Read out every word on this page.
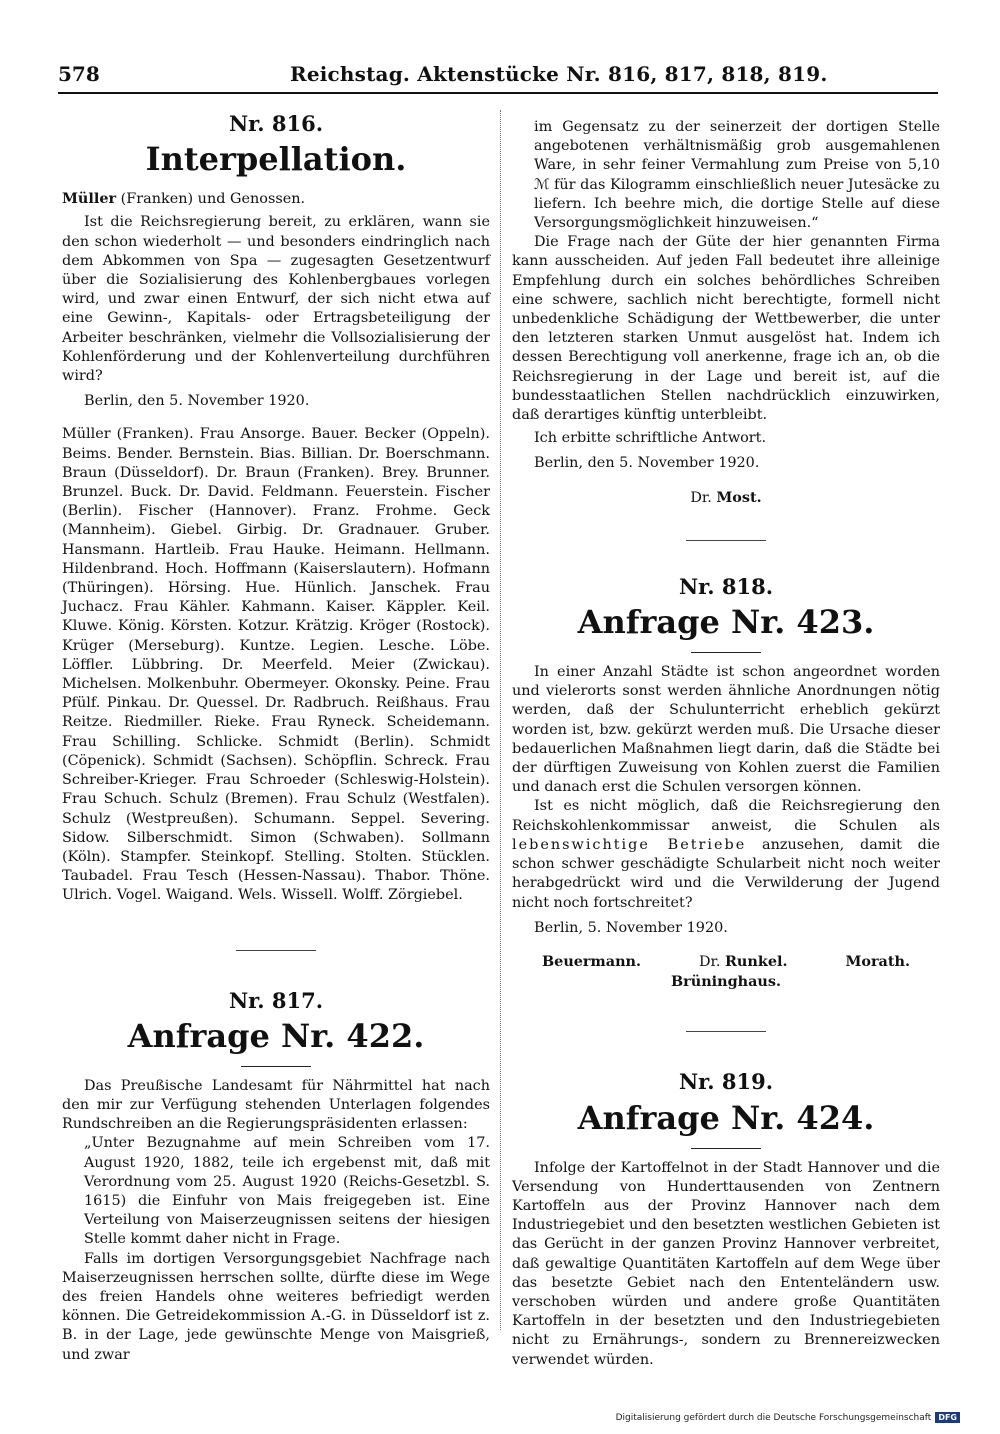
578	Reichstag. Aktenstücke Nr. 816, 817, 818, 819.
Nr. 816.
Interpellation.

Müller (Franken) und Genossen.

Ist die Reichsregierung bereit, zu erklären, wann sie den schon wiederholt — und besonders eindringlich nach dem Abkommen von Spa — zugesagten Gesetzentwurf über die Sozialisierung des Kohlenbergbaues vorlegen wird, und zwar einen Entwurf, der sich nicht etwa auf eine Gewinn-, Kapitals- oder Ertragsbeteiligung der Arbeiter beschränken, vielmehr die Vollsozialisierung der Kohlenförderung und der Kohlenverteilung durchführen wird?

Berlin, den 5. November 1920.

Müller (Franken). Frau Ansorge. Bauer. Becker (Oppeln). Beims. Bender. Bernstein. Bias. Billian. Dr. Boerschmann. Braun (Düsseldorf). Dr. Braun (Franken). Brey. Brunner. Brunzel. Buck. Dr. David. Feldmann. Feuerstein. Fischer (Berlin). Fischer (Hannover). Franz. Frohme. Geck (Mannheim). Giebel. Girbig. Dr. Gradnauer. Gruber. Hansmann. Hartleib. Frau Hauke. Heimann. Hellmann. Hildenbrand. Hoch. Hoffmann (Kaiserslautern). Hofmann (Thüringen). Hörsing. Hue. Hünlich. Janschek. Frau Juchacz. Frau Kähler. Kahmann. Kaiser. Käppler. Keil. Kluwe. König. Körsten. Kotzur. Krätzig. Kröger (Rostock). Krüger (Merseburg). Kuntze. Legien. Lesche. Löbe. Löffler. Lübbring. Dr. Meerfeld. Meier (Zwickau). Michelsen. Molkenbuhr. Obermeyer. Okonsky. Peine. Frau Pfülf. Pinkau. Dr. Quessel. Dr. Radbruch. Reißhaus. Frau Reitze. Riedmiller. Rieke. Frau Ryneck. Scheidemann. Frau Schilling. Schlicke. Schmidt (Berlin). Schmidt (Cöpenick). Schmidt (Sachsen). Schöpflin. Schreck. Frau Schreiber-Krieger. Frau Schroeder (Schleswig-Holstein). Frau Schuch. Schulz (Bremen). Frau Schulz (Westfalen). Schulz (Westpreußen). Schumann. Seppel. Severing. Sidow. Silberschmidt. Simon (Schwaben). Sollmann (Köln). Stampfer. Steinkopf. Stelling. Stolten. Stücklen. Taubadel. Frau Tesch (Hessen-Nassau). Thabor. Thöne. Ulrich. Vogel. Waigand. Wels. Wissell. Wolff. Zörgiebel.

Nr. 817.
Anfrage Nr. 422.

Das Preußische Landesamt für Nährmittel hat nach den mir zur Verfügung stehenden Unterlagen folgendes Rundschreiben an die Regierungspräsidenten erlassen:

„Unter Bezugnahme auf mein Schreiben vom 17. August 1920, 1882, teile ich ergebenst mit, daß mit Verordnung vom 25. August 1920 (Reichs-Gesetzbl. S. 1615) die Einfuhr von Mais freigegeben ist. Eine Verteilung von Maiserzeugnissen seitens der hiesigen Stelle kommt daher nicht in Frage.

Falls im dortigen Versorgungsgebiet Nachfrage nach Maiserzeugnissen herrschen sollte, dürfte diese im Wege des freien Handels ohne weiteres befriedigt werden können. Die Getreidekommission A.-G. in Düsseldorf ist z. B. in der Lage, jede gewünschte Menge von Maisgrieß, und zwar

im Gegensatz zu der seinerzeit der dortigen Stelle angebotenen verhältnismäßig grob ausgemahlenen Ware, in sehr feiner Vermahlung zum Preise von 5,10 ℳ für das Kilogramm einschließlich neuer Jutesäcke zu liefern. Ich beehre mich, die dortige Stelle auf diese Versorgungsmöglichkeit hinzuweisen.“

Die Frage nach der Güte der hier genannten Firma kann ausscheiden. Auf jeden Fall bedeutet ihre alleinige Empfehlung durch ein solches behördliches Schreiben eine schwere, sachlich nicht berechtigte, formell nicht unbedenkliche Schädigung der Wettbewerber, die unter den letzteren starken Unmut ausgelöst hat. Indem ich dessen Berechtigung voll anerkenne, frage ich an, ob die Reichsregierung in der Lage und bereit ist, auf die bundesstaatlichen Stellen nachdrücklich einzuwirken, daß derartiges künftig unterbleibt.

Ich erbitte schriftliche Antwort.

Berlin, den 5. November 1920.

Dr. Most.

Nr. 818.
Anfrage Nr. 423.

In einer Anzahl Städte ist schon angeordnet worden und vielerorts sonst werden ähnliche Anordnungen nötig werden, daß der Schulunterricht erheblich gekürzt worden ist, bzw. gekürzt werden muß. Die Ursache dieser bedauerlichen Maßnahmen liegt darin, daß die Städte bei der dürftigen Zuweisung von Kohlen zuerst die Familien und danach erst die Schulen versorgen können.

Ist es nicht möglich, daß die Reichsregierung den Reichskohlenkommissar anweist, die Schulen als lebenswichtige Betriebe anzusehen, damit die schon schwer geschädigte Schularbeit nicht noch weiter herabgedrückt wird und die Verwilderung der Jugend nicht noch fortschreitet?

Berlin, 5. November 1920.

Beuermann.	Dr. Runkel.	Morath.
Brüninghaus.
Nr. 819.
Anfrage Nr. 424.

Infolge der Kartoffelnot in der Stadt Hannover und die Versendung von Hunderttausenden von Zentnern Kartoffeln aus der Provinz Hannover nach dem Industriegebiet und den besetzten westlichen Gebieten ist das Gerücht in der ganzen Provinz Hannover verbreitet, daß gewaltige Quantitäten Kartoffeln auf dem Wege über das besetzte Gebiet nach den Ententeländern usw. verschoben würden und andere große Quantitäten Kartoffeln in der besetzten und den Industriegebieten nicht zu Ernährungs-, sondern zu Brennereizwecken verwendet würden.

Digitalisierung gefördert durch die Deutsche Forschungsgemeinschaft DFG
